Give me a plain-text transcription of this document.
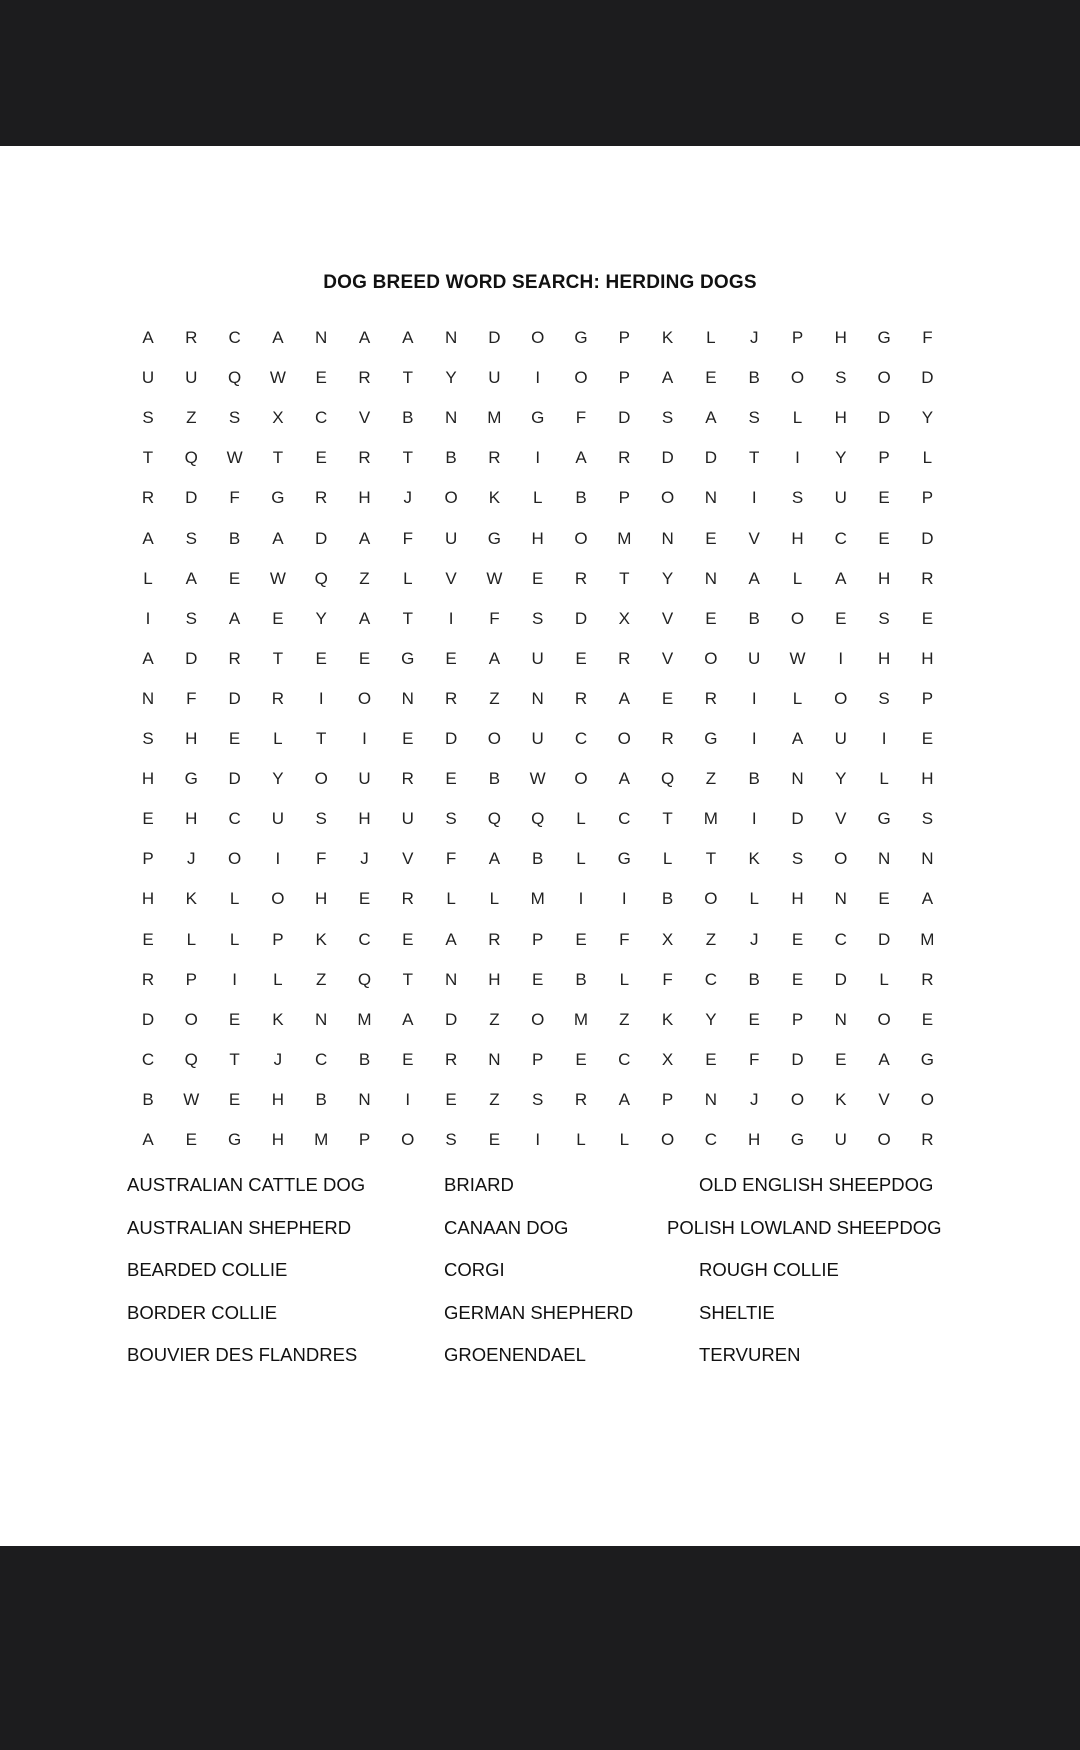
DOG BREED WORD SEARCH: HERDING DOGS
A	R	C	A	N	A	A	N	D	O	G	P	K	L	J	P	H	G	F
U	U	Q	W	E	R	T	Y	U	I	O	P	A	E	B	O	S	O	D
S	Z	S	X	C	V	B	N	M	G	F	D	S	A	S	L	H	D	Y
T	Q	W	T	E	R	T	B	R	I	A	R	D	D	T	I	Y	P	L
R	D	F	G	R	H	J	O	K	L	B	P	O	N	I	S	U	E	P
A	S	B	A	D	A	F	U	G	H	O	M	N	E	V	H	C	E	D
L	A	E	W	Q	Z	L	V	W	E	R	T	Y	N	A	L	A	H	R
I	S	A	E	Y	A	T	I	F	S	D	X	V	E	B	O	E	S	E
A	D	R	T	E	E	G	E	A	U	E	R	V	O	U	W	I	H	H
N	F	D	R	I	O	N	R	Z	N	R	A	E	R	I	L	O	S	P
S	H	E	L	T	I	E	D	O	U	C	O	R	G	I	A	U	I	E
H	G	D	Y	O	U	R	E	B	W	O	A	Q	Z	B	N	Y	L	H
E	H	C	U	S	H	U	S	Q	Q	L	C	T	M	I	D	V	G	S
P	J	O	I	F	J	V	F	A	B	L	G	L	T	K	S	O	N	N
H	K	L	O	H	E	R	L	L	M	I	I	B	O	L	H	N	E	A
E	L	L	P	K	C	E	A	R	P	E	F	X	Z	J	E	C	D	M
R	P	I	L	Z	Q	T	N	H	E	B	L	F	C	B	E	D	L	R
D	O	E	K	N	M	A	D	Z	O	M	Z	K	Y	E	P	N	O	E
C	Q	T	J	C	B	E	R	N	P	E	C	X	E	F	D	E	A	G
B	W	E	H	B	N	I	E	Z	S	R	A	P	N	J	O	K	V	O
A	E	G	H	M	P	O	S	E	I	L	L	O	C	H	G	U	O	R
AUSTRALIAN CATTLE DOG
AUSTRALIAN SHEPHERD
BEARDED COLLIE
BORDER COLLIE
BOUVIER DES FLANDRES
BRIARD
CANAAN DOG
CORGI
GERMAN SHEPHERD
GROENENDAEL
OLD ENGLISH SHEEPDOG
POLISH LOWLAND SHEEPDOG
ROUGH COLLIE
SHELTIE
TERVUREN
